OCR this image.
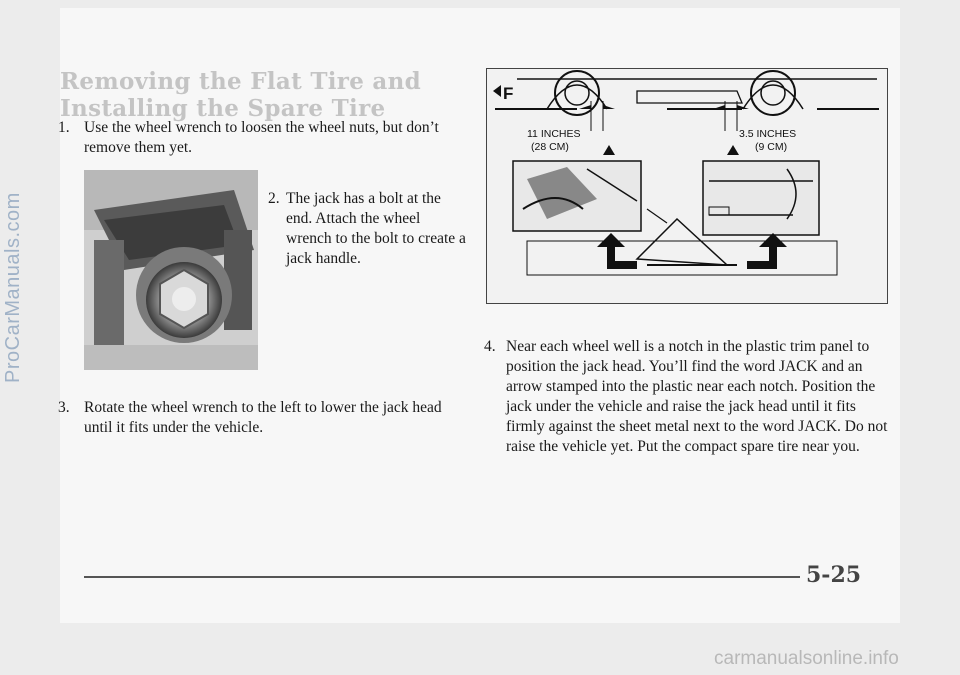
Removing the Flat Tire and Installing the Spare Tire
1. Use the wheel wrench to loosen the wheel nuts, but don’t remove them yet.
2. The jack has a bolt at the end. Attach the wheel wrench to the bolt to create a jack handle.
3. Rotate the wheel wrench to the left to lower the jack head until it fits under the vehicle.
F
11 INCHES
(28 CM)
3.5 INCHES
(9 CM)
4. Near each wheel well is a notch in the plastic trim panel to position the jack head. You’ll find the word JACK and an arrow stamped into the plastic near each notch. Position the jack under the vehicle and raise the jack head until it fits firmly against the sheet metal next to the word JACK. Do not raise the vehicle yet. Put the compact spare tire near you.
5-25
ProCarManuals.com
carmanualsonline.info
